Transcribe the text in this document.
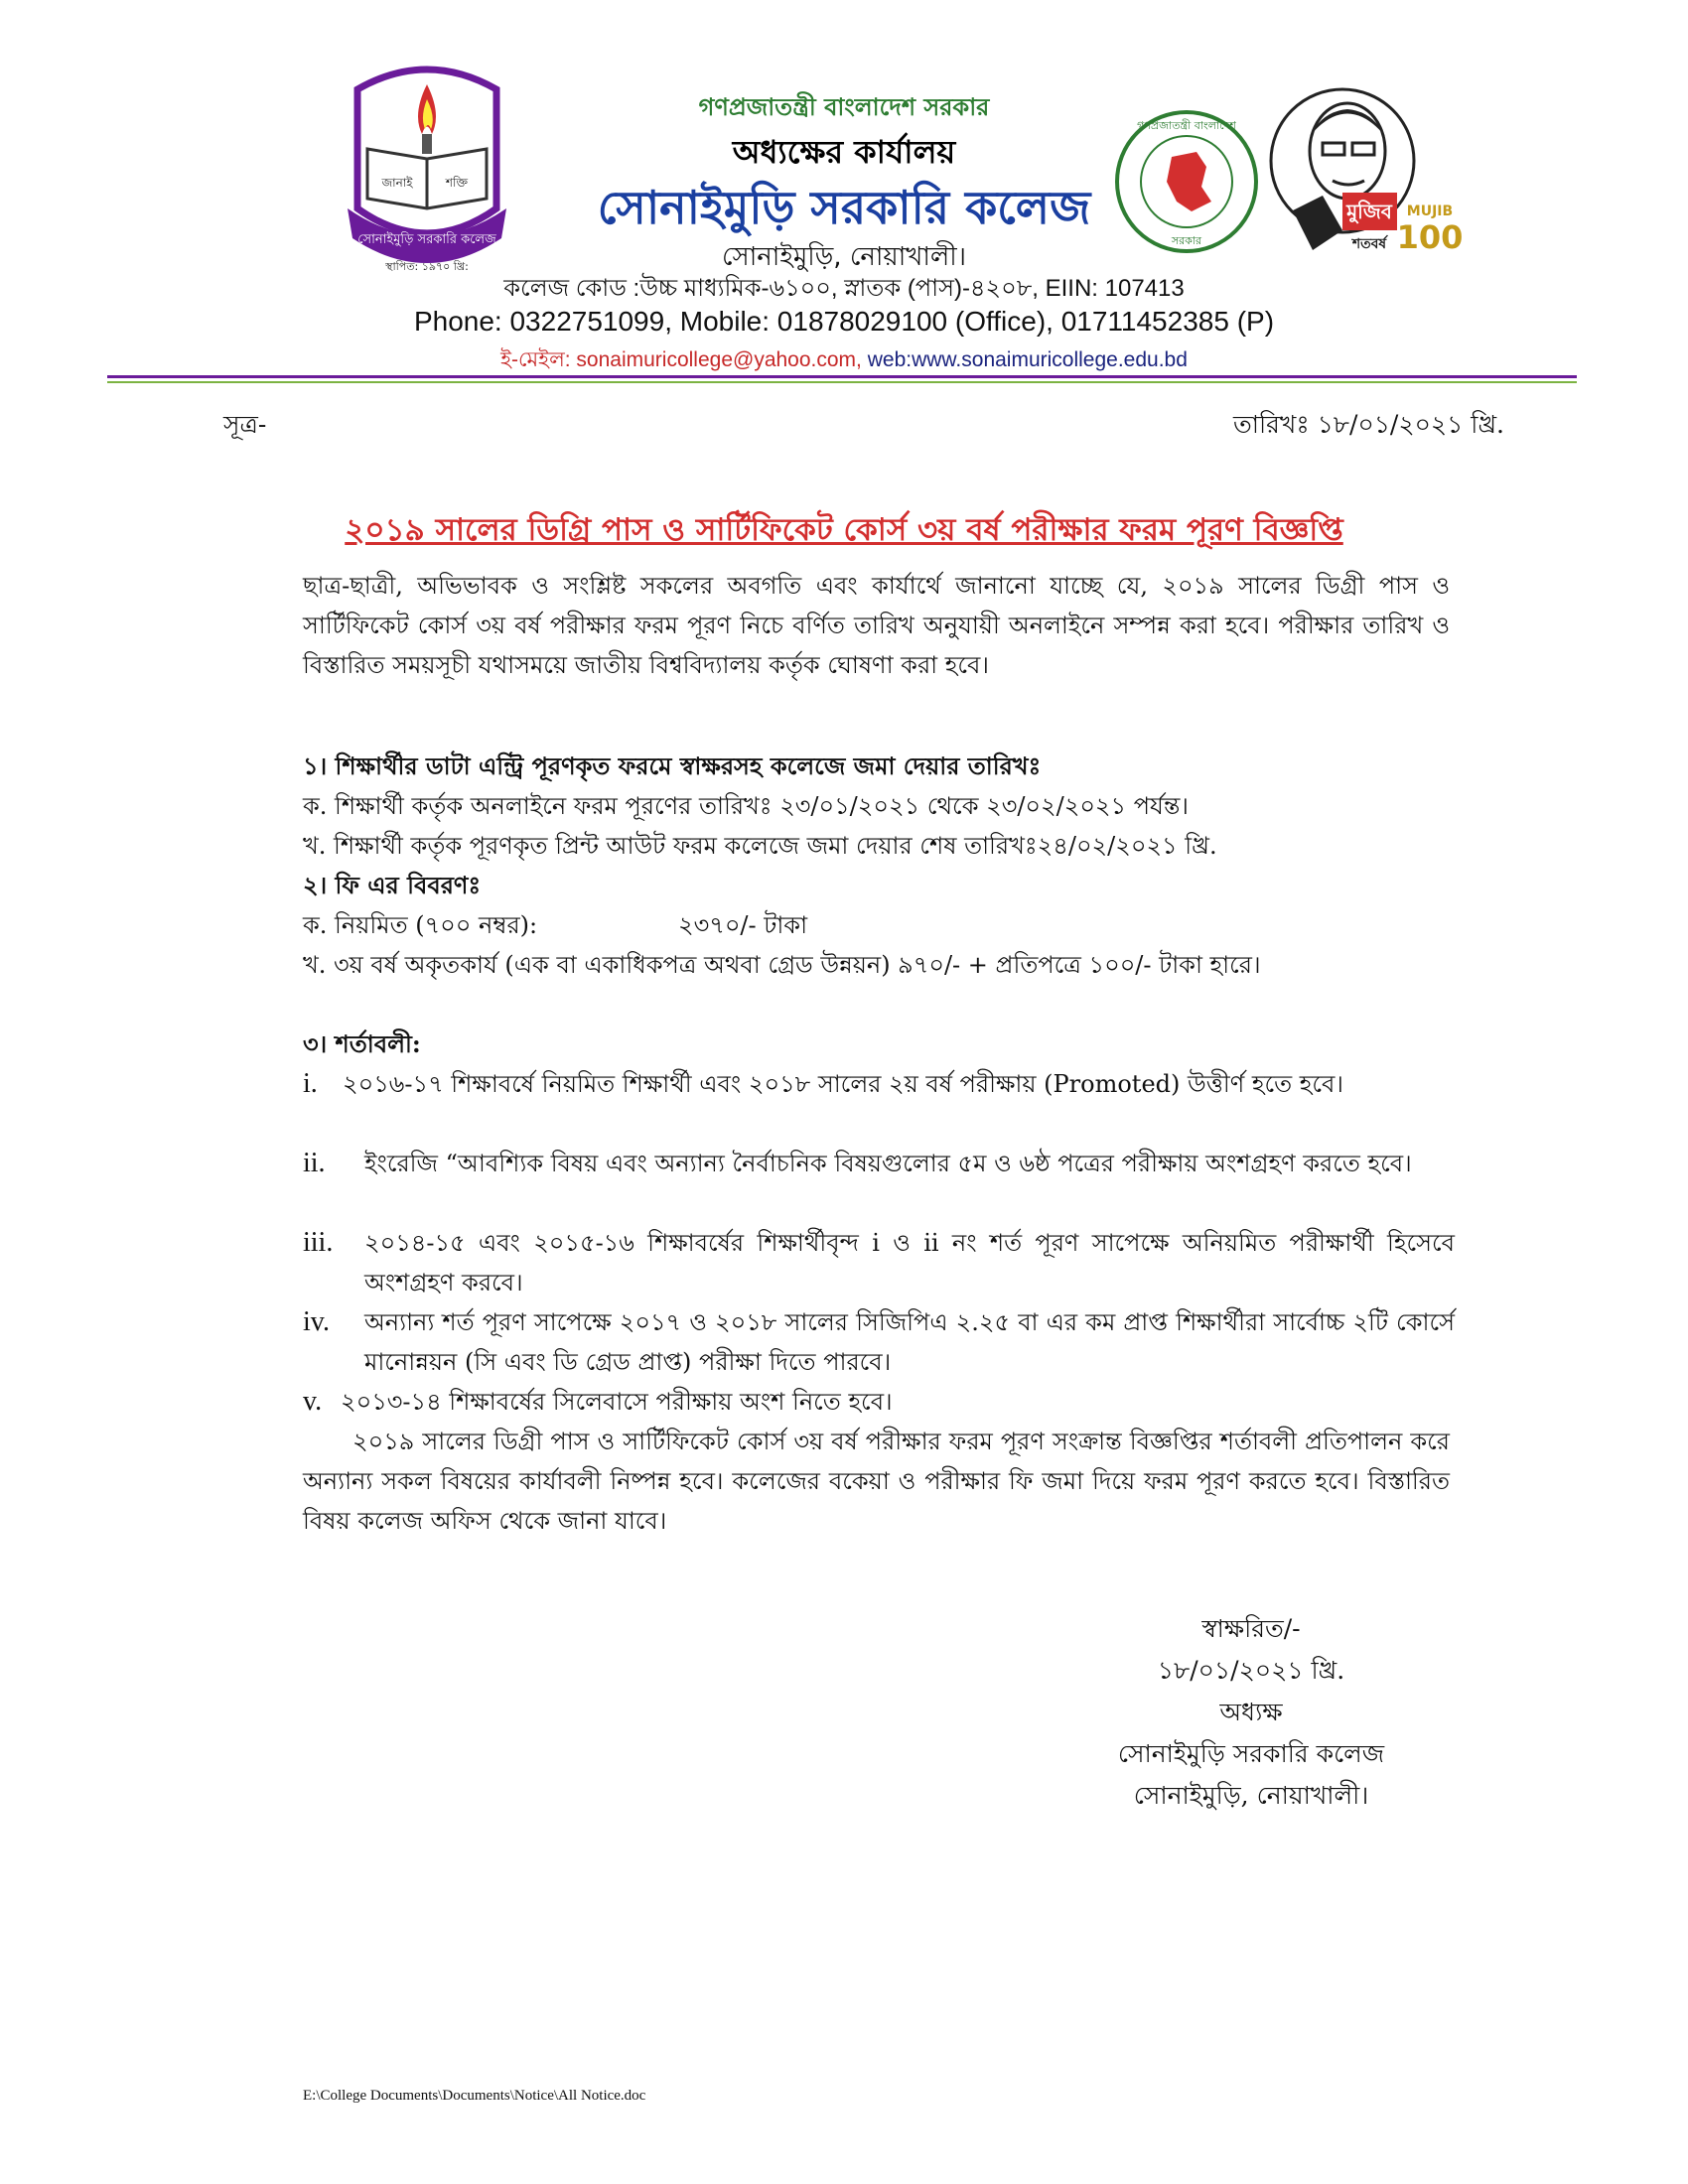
জানাই	শক্তি
সোনাইমুড়ি সরকারি কলেজ
স্থাপিত: ১৯৭০ খ্রি:
গণপ্রজাতন্ত্রী বাংলাদেশ সরকার
অধ্যক্ষের কার্যালয়
সোনাইমুড়ি সরকারি কলেজ
সোনাইমুড়ি, নোয়াখালী।
কলেজ কোড :উচ্চ মাধ্যমিক-৬১০০, স্নাতক (পাস)-৪২০৮, EIIN: 107413
Phone: 0322751099, Mobile: 01878029100 (Office), 01711452385 (P)
ই-মেইল: sonaimuricollege@yahoo.com, web:www.sonaimuricollege.edu.bd
গণপ্রজাতন্ত্রী বাংলাদেশ
সরকার
মুজিব
শতবর্ষ
MUJIB
100
সূত্র-	তারিখঃ ১৮/০১/২০২১ খ্রি.
২০১৯ সালের ডিগ্রি পাস ও সার্টিফিকেট কোর্স ৩য় বর্ষ পরীক্ষার ফরম পূরণ বিজ্ঞপ্তি
ছাত্র-ছাত্রী, অভিভাবক ও সংশ্লিষ্ট সকলের অবগতি এবং কার্যার্থে জানানো যাচ্ছে যে, ২০১৯ সালের ডিগ্রী পাস ও সার্টিফিকেট কোর্স ৩য় বর্ষ পরীক্ষার ফরম পূরণ নিচে বর্ণিত তারিখ অনুযায়ী অনলাইনে সম্পন্ন করা হবে। পরীক্ষার তারিখ ও বিস্তারিত সময়সূচী যথাসময়ে জাতীয় বিশ্ববিদ্যালয় কর্তৃক ঘোষণা করা হবে।
১। শিক্ষার্থীর ডাটা এন্ট্রি পূরণকৃত ফরমে স্বাক্ষরসহ কলেজে জমা দেয়ার তারিখঃ
ক. শিক্ষার্থী কর্তৃক অনলাইনে ফরম পূরণের তারিখঃ ২৩/০১/২০২১ থেকে ২৩/০২/২০২১ পর্যন্ত।
খ. শিক্ষার্থী কর্তৃক পূরণকৃত প্রিন্ট আউট ফরম কলেজে জমা দেয়ার শেষ তারিখঃ২৪/০২/২০২১ খ্রি.
২। ফি এর বিবরণঃ
ক. নিয়মিত (৭০০ নম্বর):	২৩৭০/- টাকা
খ. ৩য় বর্ষ অকৃতকার্য (এক বা একাধিকপত্র অথবা গ্রেড উন্নয়ন) ৯৭০/- + প্রতিপত্রে ১০০/- টাকা হারে।
৩। শর্তাবলী:
i.	২০১৬-১৭ শিক্ষাবর্ষে নিয়মিত শিক্ষার্থী এবং ২০১৮ সালের ২য় বর্ষ পরীক্ষায় (Promoted) উত্তীর্ণ হতে হবে।
ii.	ইংরেজি “আবশ্যিক বিষয় এবং অন্যান্য নৈর্বাচনিক বিষয়গুলোর ৫ম ও ৬ষ্ঠ পত্রের পরীক্ষায় অংশগ্রহণ করতে হবে।
iii.	২০১৪-১৫ এবং ২০১৫-১৬ শিক্ষাবর্ষের শিক্ষার্থীবৃন্দ i ও ii নং শর্ত পূরণ সাপেক্ষে অনিয়মিত পরীক্ষার্থী হিসেবে অংশগ্রহণ করবে।
iv.	অন্যান্য শর্ত পূরণ সাপেক্ষে ২০১৭ ও ২০১৮ সালের সিজিপিএ ২.২৫ বা এর কম প্রাপ্ত শিক্ষার্থীরা সার্বোচ্চ ২টি কোর্সে মানোন্নয়ন (সি এবং ডি গ্রেড প্রাপ্ত) পরীক্ষা দিতে পারবে।
v. ২০১৩-১৪ শিক্ষাবর্ষের সিলেবাসে পরীক্ষায় অংশ নিতে হবে।
২০১৯ সালের ডিগ্রী পাস ও সার্টিফিকেট কোর্স ৩য় বর্ষ পরীক্ষার ফরম পূরণ সংক্রান্ত বিজ্ঞপ্তির শর্তাবলী প্রতিপালন করে অন্যান্য সকল বিষয়ের কার্যাবলী নিষ্পন্ন হবে। কলেজের বকেয়া ও পরীক্ষার ফি জমা দিয়ে ফরম পূরণ করতে হবে। বিস্তারিত বিষয় কলেজ অফিস থেকে জানা যাবে।
স্বাক্ষরিত/-
১৮/০১/২০২১ খ্রি.
অধ্যক্ষ
সোনাইমুড়ি সরকারি কলেজ
সোনাইমুড়ি, নোয়াখালী।
E:\College Documents\Documents\Notice\All Notice.doc
